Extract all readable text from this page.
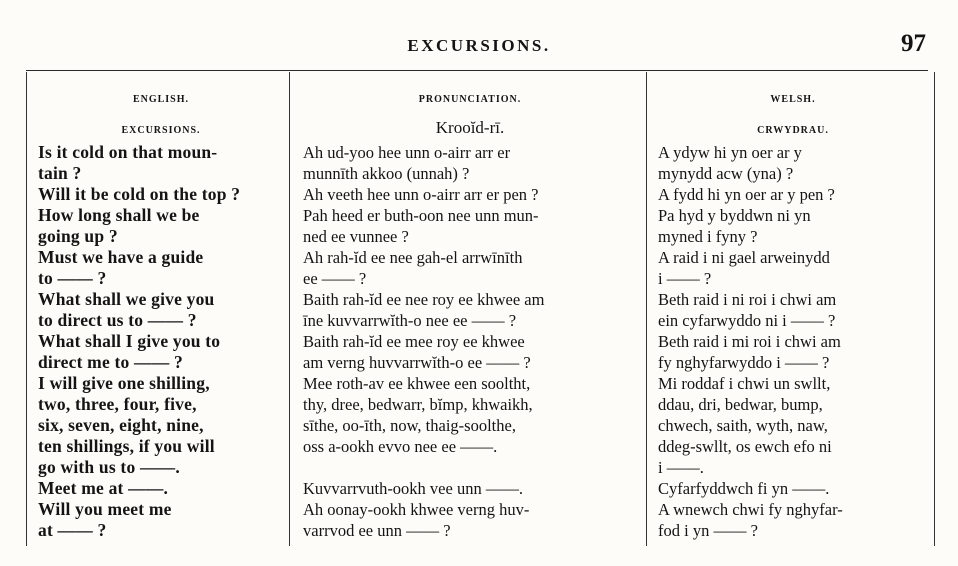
EXCURSIONS.	97
ENGLISH.
EXCURSIONS.
Is it cold on that moun-
tain ?
Will it be cold on the top ?
How long shall we be
going up ?
Must we have a guide
to —— ?
What shall we give you
to direct us to —— ?
What shall I give you to
direct me to —— ?
I will give one shilling,
two, three, four, five,
six, seven, eight, nine,
ten shillings, if you will
go with us to ——.
Meet me at ——.
Will you meet me
at —— ?
PRONUNCIATION.
Krooĭd-rī.
Ah ud-yoo hee unn o-airr arr er
munnīth akkoo (unnah) ?
Ah veeth hee unn o-airr arr er pen ?
Pah heed er buth-oon nee unn mun-
ned ee vunnee ?
Ah rah-ĭd ee nee gah-el arrwīnīth
ee —— ?
Baith rah-ĭd ee nee roy ee khwee am
īne kuvvarrwĭth-o nee ee —— ?
Baith rah-ĭd ee mee roy ee khwee
am verng huvvarrwĭth-o ee —— ?
Mee roth-av ee khwee een sooltht,
thy, dree, bedwarr, bĭmp, khwaikh,
sīthe, oo-īth, now, thaig-soolthe,
oss a-ookh evvo nee ee ——.
Kuvvarrvuth-ookh vee unn ——.
Ah oonay-ookh khwee verng huv-
varrvod ee unn —— ?
WELSH.
CRWYDRAU.
A ydyw hi yn oer ar y
mynydd acw (yna) ?
A fydd hi yn oer ar y pen ?
Pa hyd y byddwn ni yn
myned i fyny ?
A raid i ni gael arweinydd
i —— ?
Beth raid i ni roi i chwi am
ein cyfarwyddo ni i —— ?
Beth raid i mi roi i chwi am
fy nghyfarwyddo i —— ?
Mi roddaf i chwi un swllt,
ddau, dri, bedwar, bump,
chwech, saith, wyth, naw,
ddeg-swllt, os ewch efo ni
i ——.
Cyfarfyddwch fi yn ——.
A wnewch chwi fy nghyfar-
fod i yn —— ?
